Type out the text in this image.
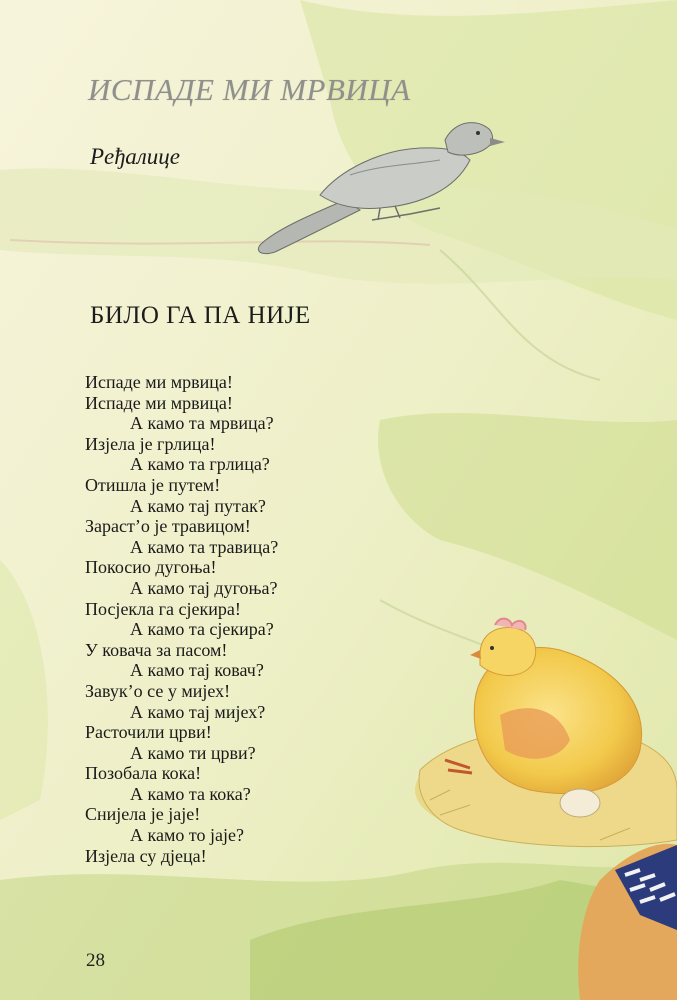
ИСПАДЕ МИ МРВИЦА
Рeђaлицe
БИЛО ГА ПА НИЈЕ
Испаде ми мрвица!
Испаде ми мрвица!
А камо та мрвица?
Изјела је грлица!
А камо та грлица?
Отишла је путем!
А камо тај путак?
Зараст’о је травицом!
А камо та травица?
Покосио дугоња!
А камо тај дугоња?
Посјекла га сјекира!
А камо та сјекира?
У ковача за пасом!
А камо тај ковач?
Завук’о се у мијех!
А камо тај мијех?
Расточили црви!
А камо ти црви?
Позобала кока!
А камо та кока?
Снијела је јаје!
А камо то јаје?
Изјела су дјеца!
28
